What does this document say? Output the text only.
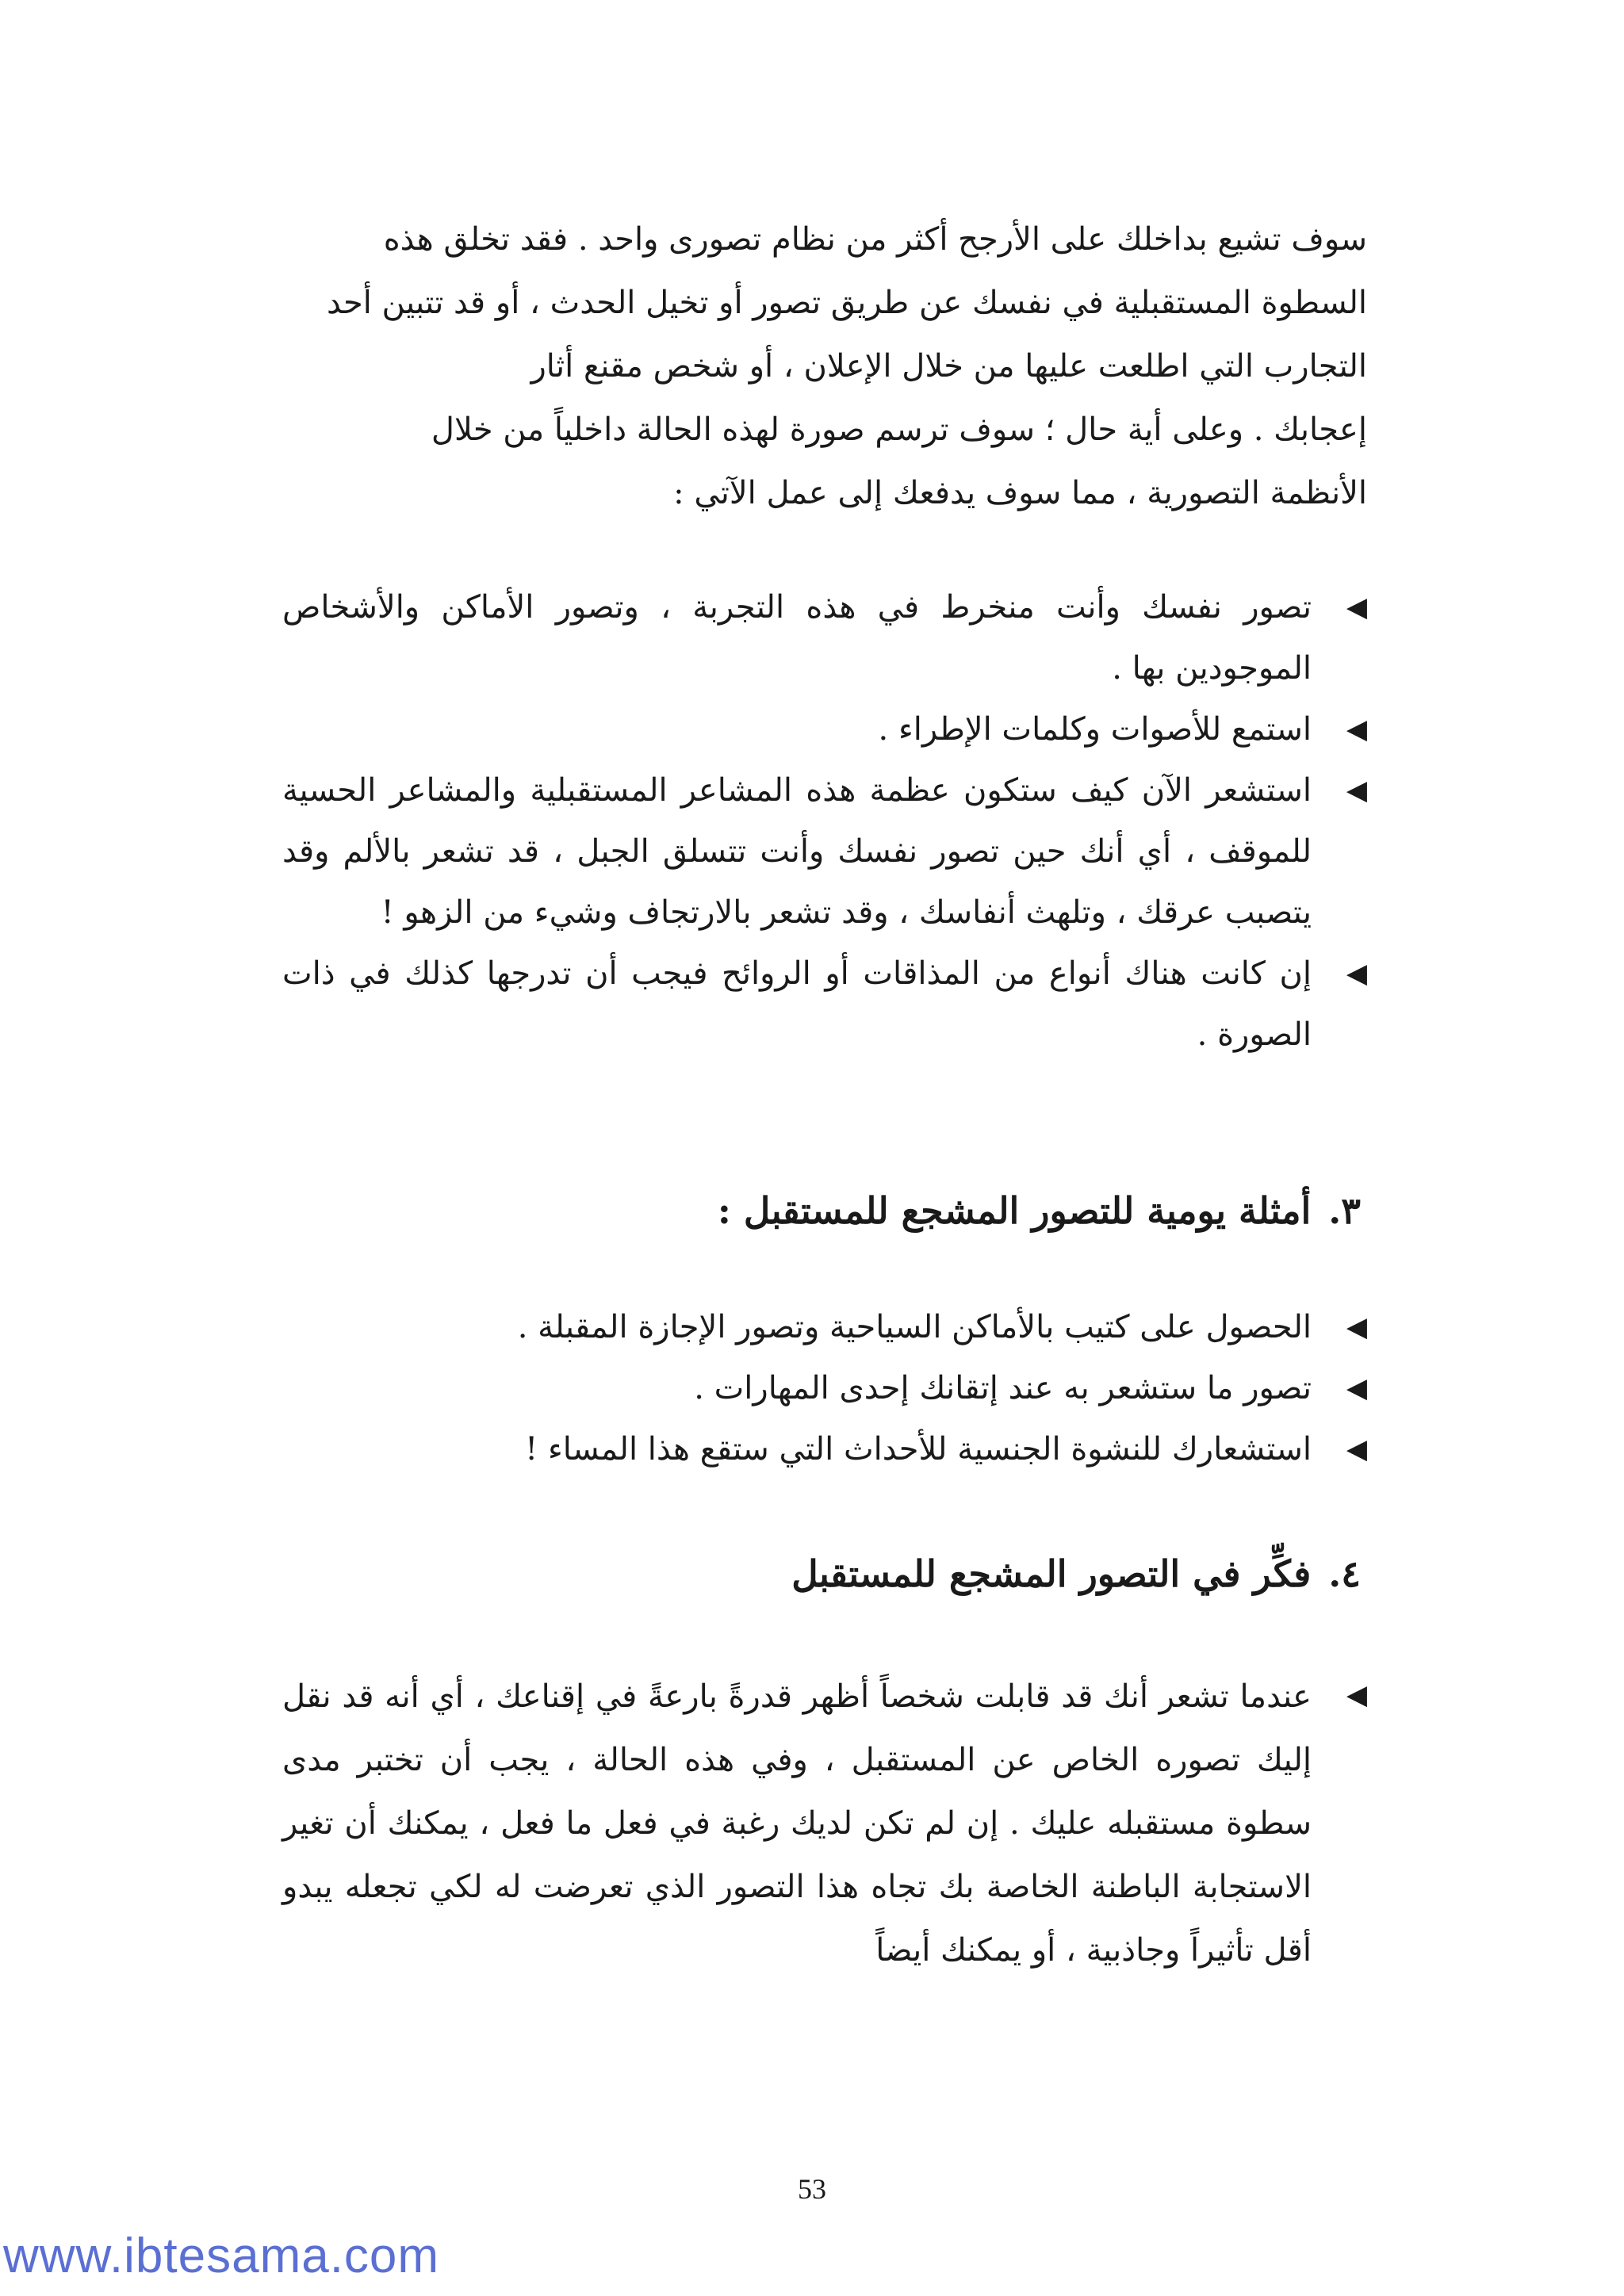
سوف تشيع بداخلك على الأرجح أكثر من نظام تصورى واحد . فقد تخلق هذه

السطوة المستقبلية في نفسك عن طريق تصور أو تخيل الحدث ، أو قد تتبين أحد

التجارب التي اطلعت عليها من خلال الإعلان ، أو شخص مقنع أثار

إعجابك . وعلى أية حال ؛ سوف ترسم صورة لهذه الحالة داخلياً من خلال

الأنظمة التصورية ، مما سوف يدفعك إلى عمل الآتي :

◀
تصور نفسك وأنت منخرط في هذه التجربة ، وتصور الأماكن والأشخاص الموجودين بها .
◀
استمع للأصوات وكلمات الإطراء .
◀
استشعر الآن كيف ستكون عظمة هذه المشاعر المستقبلية والمشاعر الحسية للموقف ، أي أنك حين تصور نفسك وأنت تتسلق الجبل ، قد تشعر بالألم وقد يتصبب عرقك ، وتلهث أنفاسك ، وقد تشعر بالارتجاف وشيء من الزهو !
◀
إن كانت هناك أنواع من المذاقات أو الروائح فيجب أن تدرجها كذلك في ذات الصورة .
٣.أمثلة يومية للتصور المشجع للمستقبل :
◀
الحصول على كتيب بالأماكن السياحية وتصور الإجازة المقبلة .
◀
تصور ما ستشعر به عند إتقانك إحدى المهارات .
◀
استشعارك للنشوة الجنسية للأحداث التي ستقع هذا المساء !
٤.فكِّر في التصور المشجع للمستقبل
◀
عندما تشعر أنك قد قابلت شخصاً أظهر قدرةً بارعةً في إقناعك ، أي أنه قد نقل إليك تصوره الخاص عن المستقبل ، وفي هذه الحالة ، يجب أن تختبر مدى سطوة مستقبله عليك . إن لم تكن لديك رغبة في فعل ما فعل ، يمكنك أن تغير الاستجابة الباطنة الخاصة بك تجاه هذا التصور الذي تعرضت له لكي تجعله يبدو أقل تأثيراً وجاذبية ، أو يمكنك أيضاً
53
www.ibtesama.com
